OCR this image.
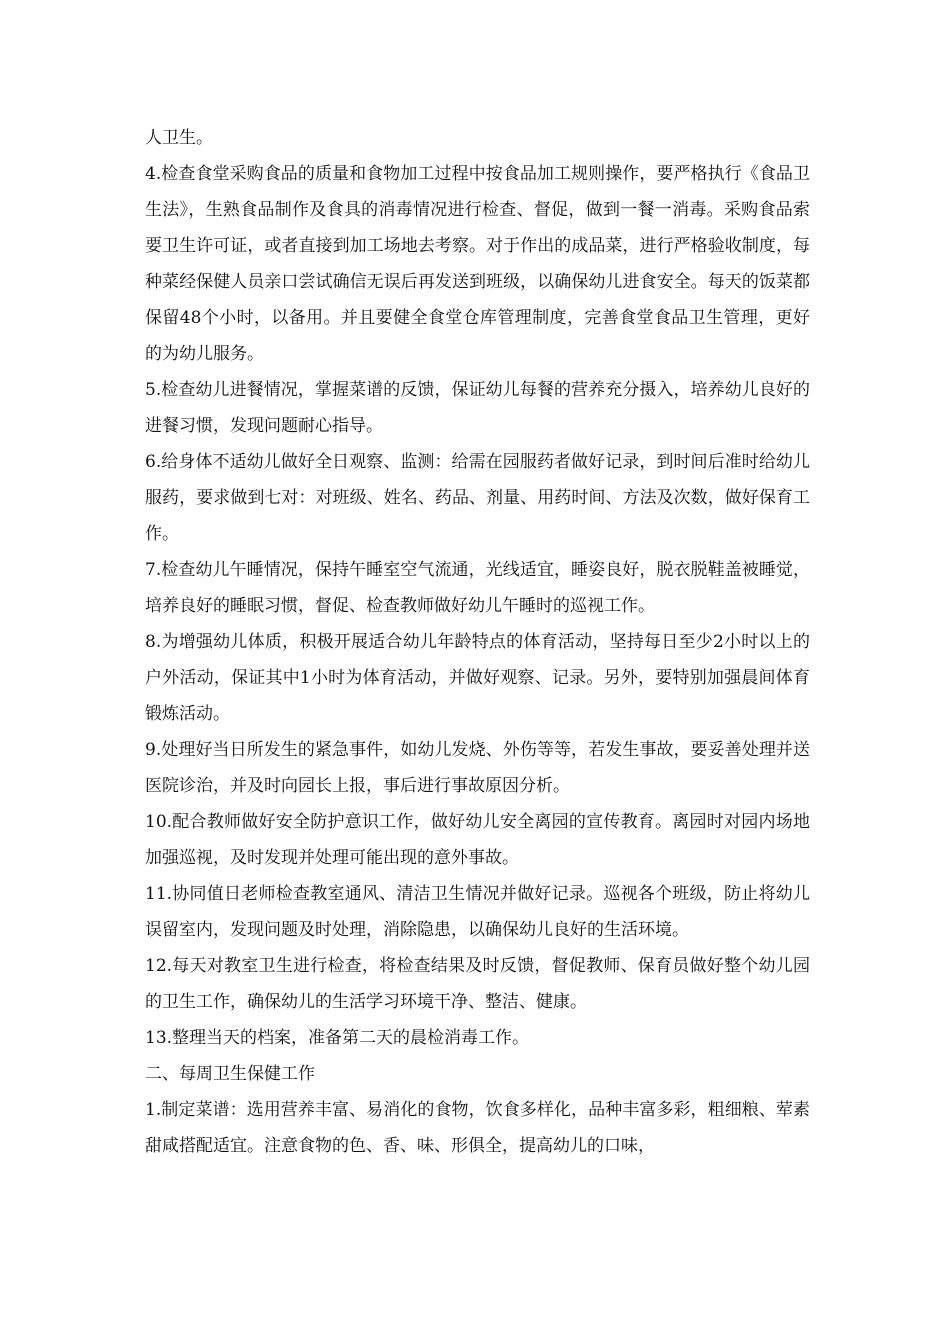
人卫生。

4.检查食堂采购食品的质量和食物加工过程中按食品加工规则操作，要严格执行《食品卫生法》，生熟食品制作及食具的消毒情况进行检查、督促，做到一餐一消毒。采购食品索要卫生许可证，或者直接到加工场地去考察。对于作出的成品菜，进行严格验收制度，每种菜经保健人员亲口尝试确信无误后再发送到班级，以确保幼儿进食安全。每天的饭菜都保留48个小时，以备用。并且要健全食堂仓库管理制度，完善食堂食品卫生管理，更好的为幼儿服务。

5.检查幼儿进餐情况，掌握菜谱的反馈，保证幼儿每餐的营养充分摄入，培养幼儿良好的进餐习惯，发现问题耐心指导。

6.给身体不适幼儿做好全日观察、监测：给需在园服药者做好记录，到时间后准时给幼儿服药，要求做到七对：对班级、姓名、药品、剂量、用药时间、方法及次数，做好保育工作。

7.检查幼儿午睡情况，保持午睡室空气流通，光线适宜，睡姿良好，脱衣脱鞋盖被睡觉，培养良好的睡眠习惯，督促、检查教师做好幼儿午睡时的巡视工作。

8.为增强幼儿体质，积极开展适合幼儿年龄特点的体育活动，坚持每日至少2小时以上的户外活动，保证其中1小时为体育活动，并做好观察、记录。另外，要特别加强晨间体育锻炼活动。

9.处理好当日所发生的紧急事件，如幼儿发烧、外伤等等，若发生事故，要妥善处理并送医院诊治，并及时向园长上报，事后进行事故原因分析。

10.配合教师做好安全防护意识工作，做好幼儿安全离园的宣传教育。离园时对园内场地加强巡视，及时发现并处理可能出现的意外事故。

11.协同值日老师检查教室通风、清洁卫生情况并做好记录。巡视各个班级，防止将幼儿误留室内，发现问题及时处理，消除隐患，以确保幼儿良好的生活环境。

12.每天对教室卫生进行检查，将检查结果及时反馈，督促教师、保育员做好整个幼儿园的卫生工作，确保幼儿的生活学习环境干净、整洁、健康。

13.整理当天的档案，准备第二天的晨检消毒工作。

二、每周卫生保健工作

1.制定菜谱：选用营养丰富、易消化的食物，饮食多样化，品种丰富多彩，粗细粮、荤素甜咸搭配适宜。注意食物的色、香、味、形俱全，提高幼儿的口味，
